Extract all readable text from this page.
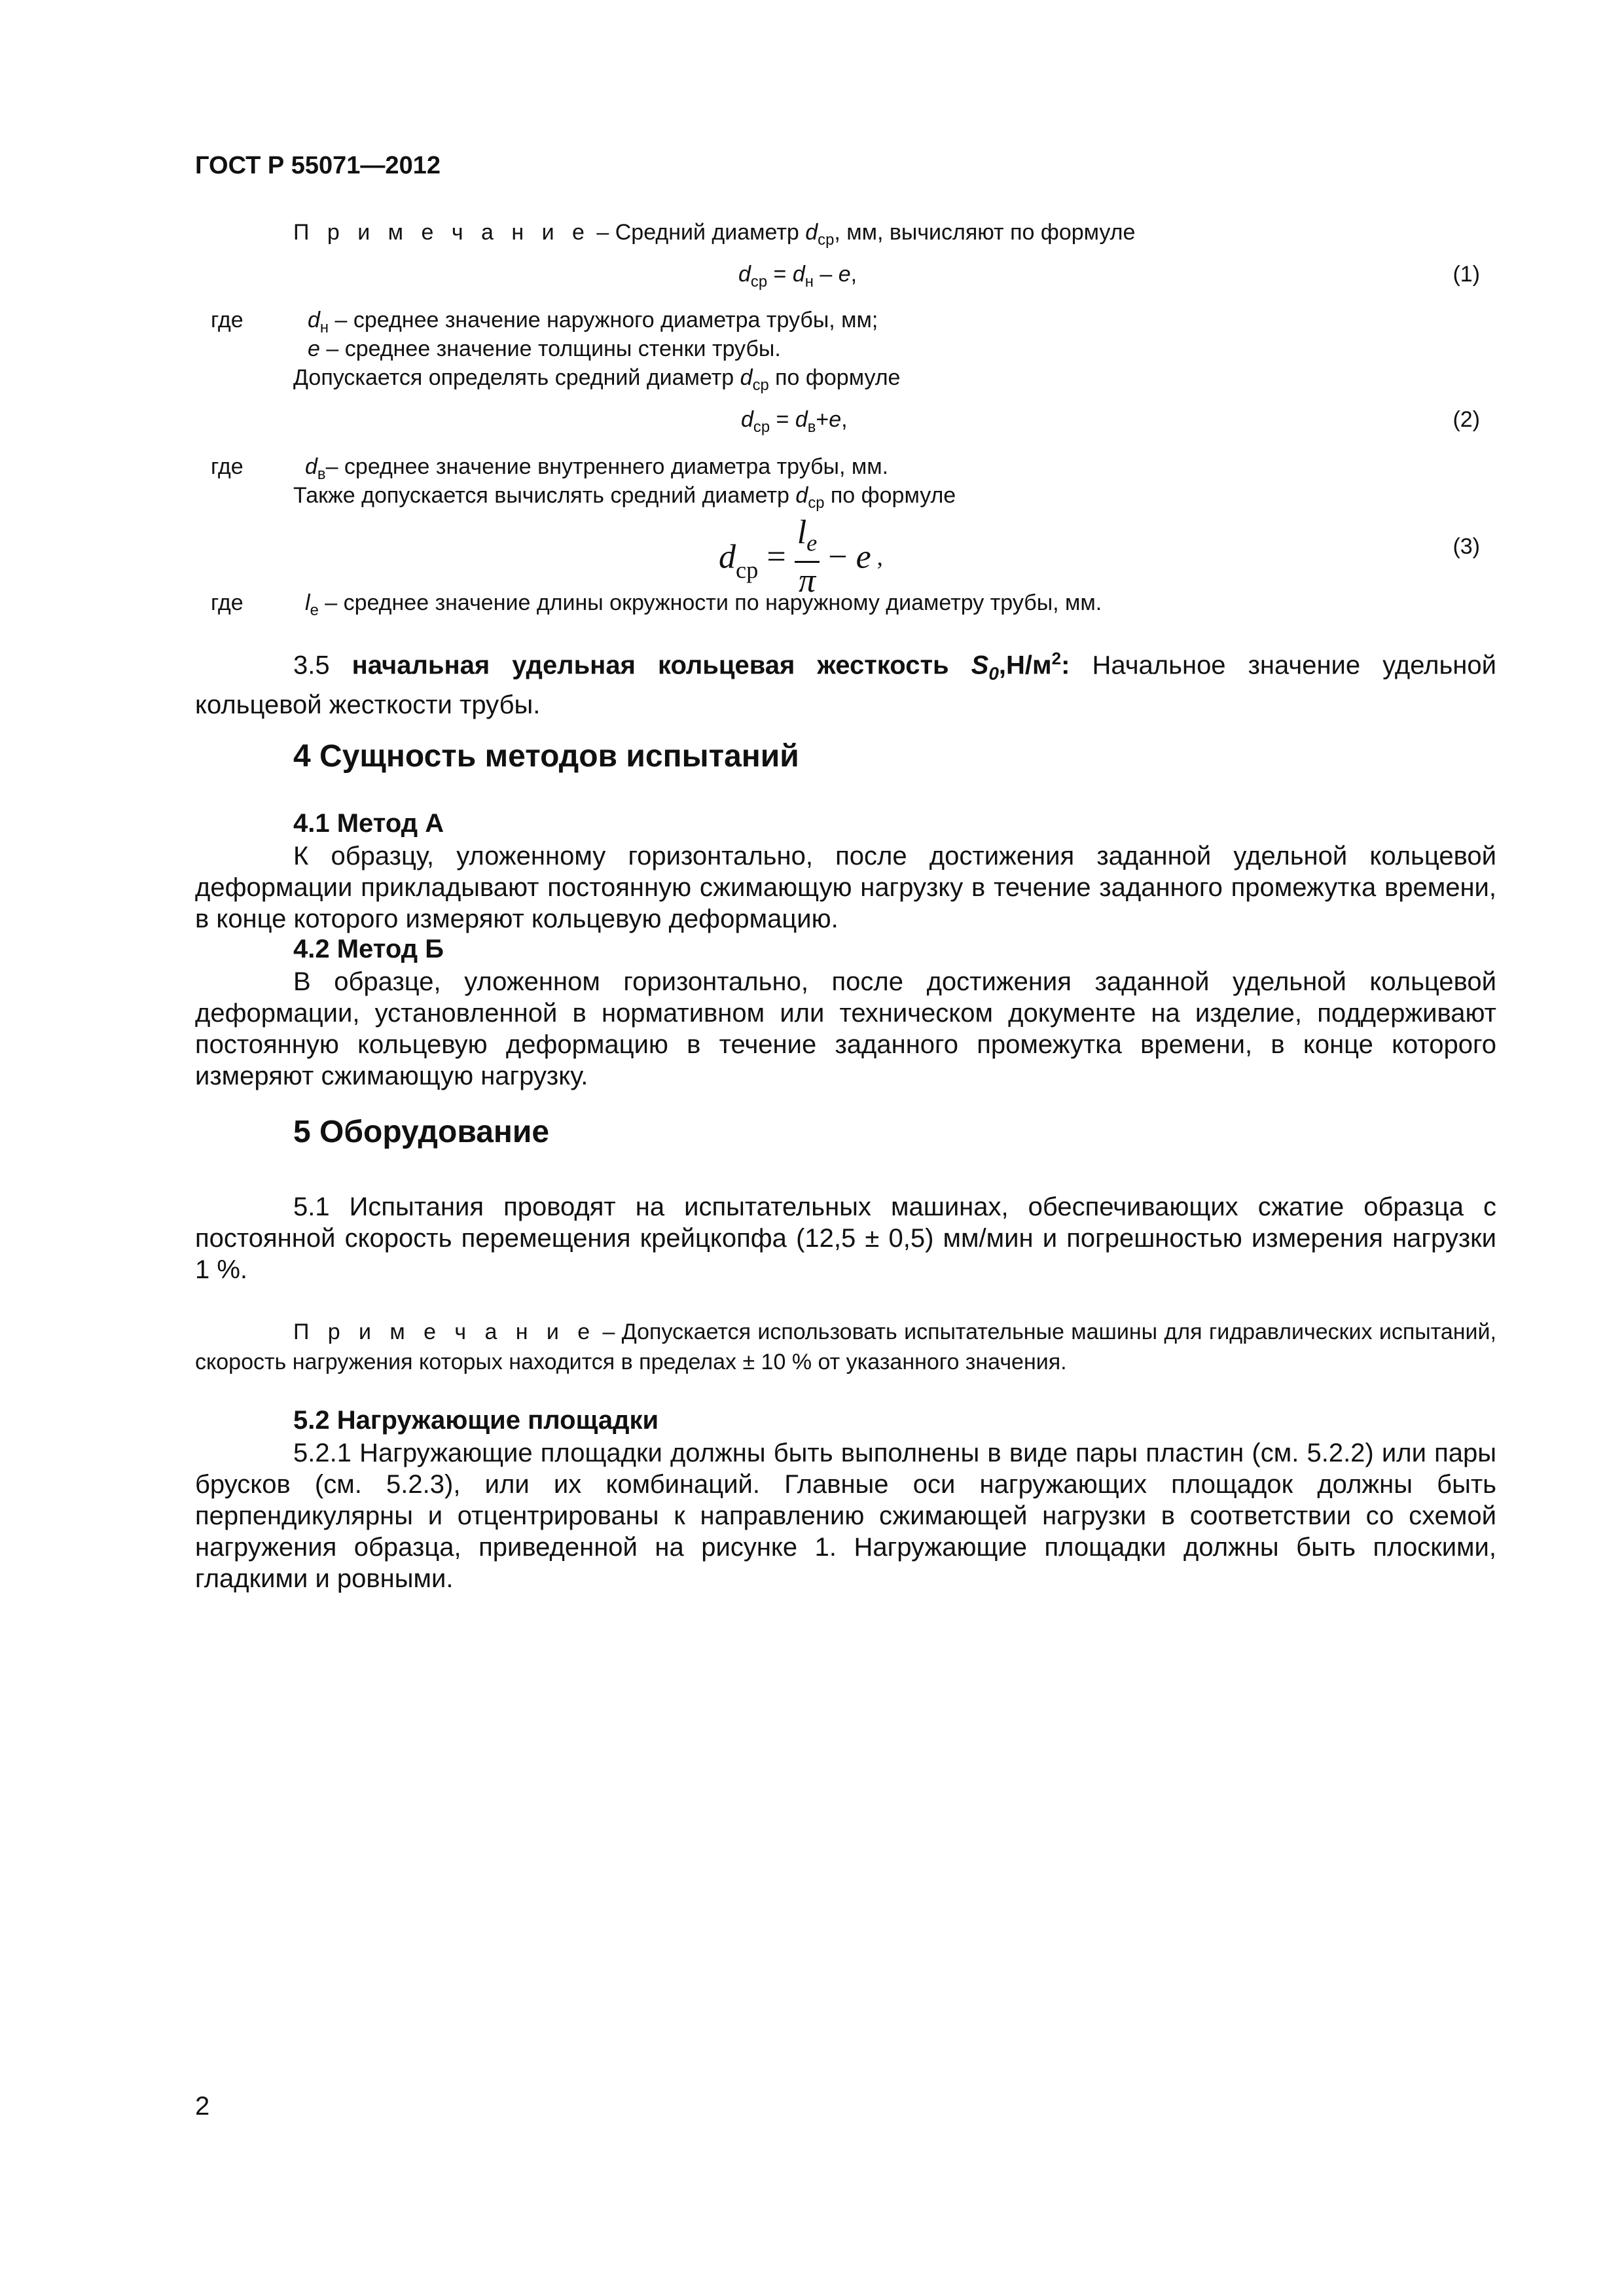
ГОСТ Р 55071—2012
П р и м е ч а н и е – Средний диаметр $d_{ср}$, мм, вычисляют по формуле
$d_{ср} = d_н - e$,	(1)
где	$d_н$ – среднее значение наружного диаметра трубы, мм;
e – среднее значение толщины стенки трубы.
Допускается определять средний диаметр $d_{ср}$ по формуле
$d_{ср} = d_в+e$,	(2)
где	$d_в-$ среднее значение внутреннего диаметра трубы, мм.
Также допускается вычислять средний диаметр $d_{ср}$ по формуле
$d_{ср} = \frac{l_e}{\pi} - e$ ,	(3)
где	$l_e$ – среднее значение длины окружности по наружному диаметру трубы, мм.
3.5 начальная удельная кольцевая жесткость $S_0,Н/м^2$: Начальное значение удельной кольцевой жесткости трубы.
4 Сущность методов испытаний
4.1 Метод А
К образцу, уложенному горизонтально, после достижения заданной удельной кольцевой деформации прикладывают постоянную сжимающую нагрузку в течение заданного промежутка времени, в конце которого измеряют кольцевую деформацию.
4.2 Метод Б
В образце, уложенном горизонтально, после достижения заданной удельной кольцевой деформации, установленной в нормативном или техническом документе на изделие, поддерживают постоянную кольцевую деформацию в течение заданного промежутка времени, в конце которого измеряют сжимающую нагрузку.
5 Оборудование
5.1 Испытания проводят на испытательных машинах, обеспечивающих сжатие образца с постоянной скорость перемещения крейцкопфа (12,5 ± 0,5) мм/мин и погрешностью измерения нагрузки 1 %.
П р и м е ч а н и е – Допускается использовать испытательные машины для гидравлических испытаний, скорость нагружения которых находится в пределах ± 10 % от указанного значения.
5.2 Нагружающие площадки
5.2.1 Нагружающие площадки должны быть выполнены в виде пары пластин (см. 5.2.2) или пары брусков (см. 5.2.3), или их комбинаций. Главные оси нагружающих площадок должны быть перпендикулярны и отцентрированы к направлению сжимающей нагрузки в соответствии со схемой нагружения образца, приведенной на рисунке 1. Нагружающие площадки должны быть плоскими, гладкими и ровными.
2
